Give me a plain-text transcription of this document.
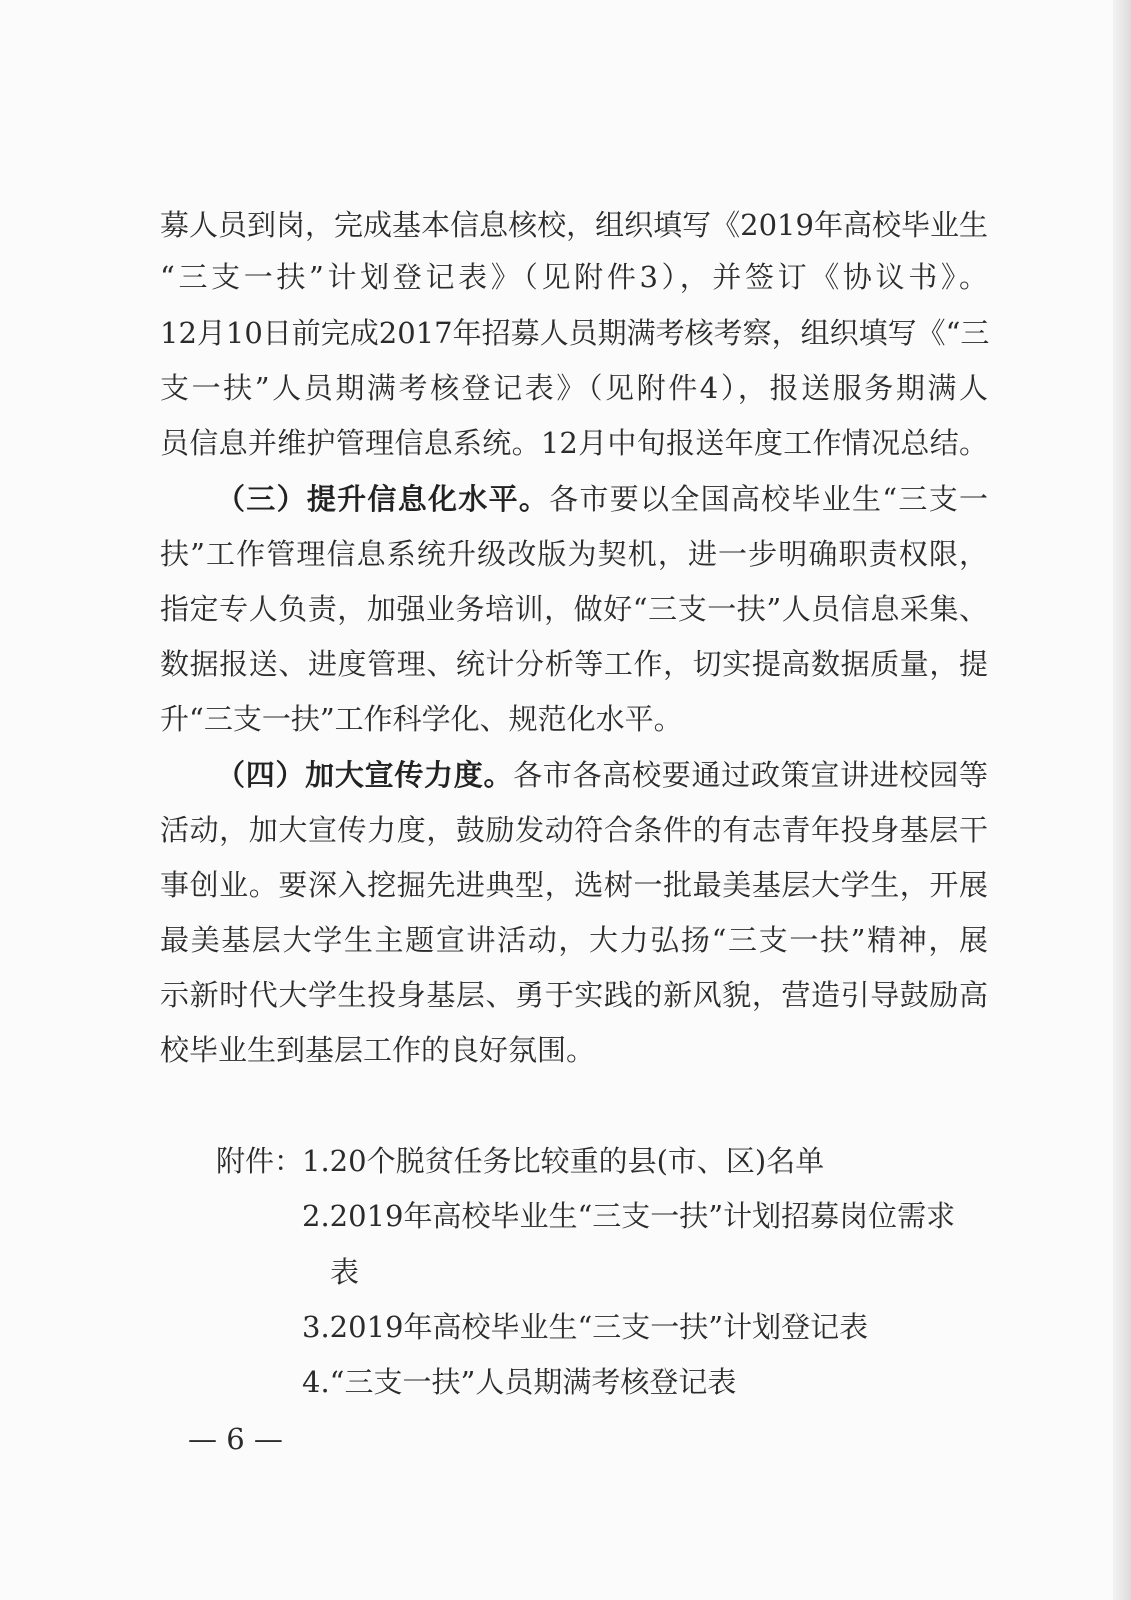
募人员到岗，完成基本信息核校，组织填写《2019年高校毕业生

“三支一扶”计划登记表》（见附件3），并签订《协议书》。

12月10日前完成2017年招募人员期满考核考察，组织填写《“三

支一扶”人员期满考核登记表》（见附件4），报送服务期满人

员信息并维护管理信息系统。12月中旬报送年度工作情况总结。

（三）提升信息化水平。各市要以全国高校毕业生“三支一

扶”工作管理信息系统升级改版为契机，进一步明确职责权限，

指定专人负责，加强业务培训，做好“三支一扶”人员信息采集、

数据报送、进度管理、统计分析等工作，切实提高数据质量，提

升“三支一扶”工作科学化、规范化水平。

（四）加大宣传力度。各市各高校要通过政策宣讲进校园等

活动，加大宣传力度，鼓励发动符合条件的有志青年投身基层干

事创业。要深入挖掘先进典型，选树一批最美基层大学生，开展

最美基层大学生主题宣讲活动，大力弘扬“三支一扶”精神，展

示新时代大学生投身基层、勇于实践的新风貌，营造引导鼓励高

校毕业生到基层工作的良好氛围。

附件：

1.20个脱贫任务比较重的县(市、区)名单

2.2019年高校毕业生“三支一扶”计划招募岗位需求

表

3.2019年高校毕业生“三支一扶”计划登记表

4.“三支一扶”人员期满考核登记表

— 6 —
